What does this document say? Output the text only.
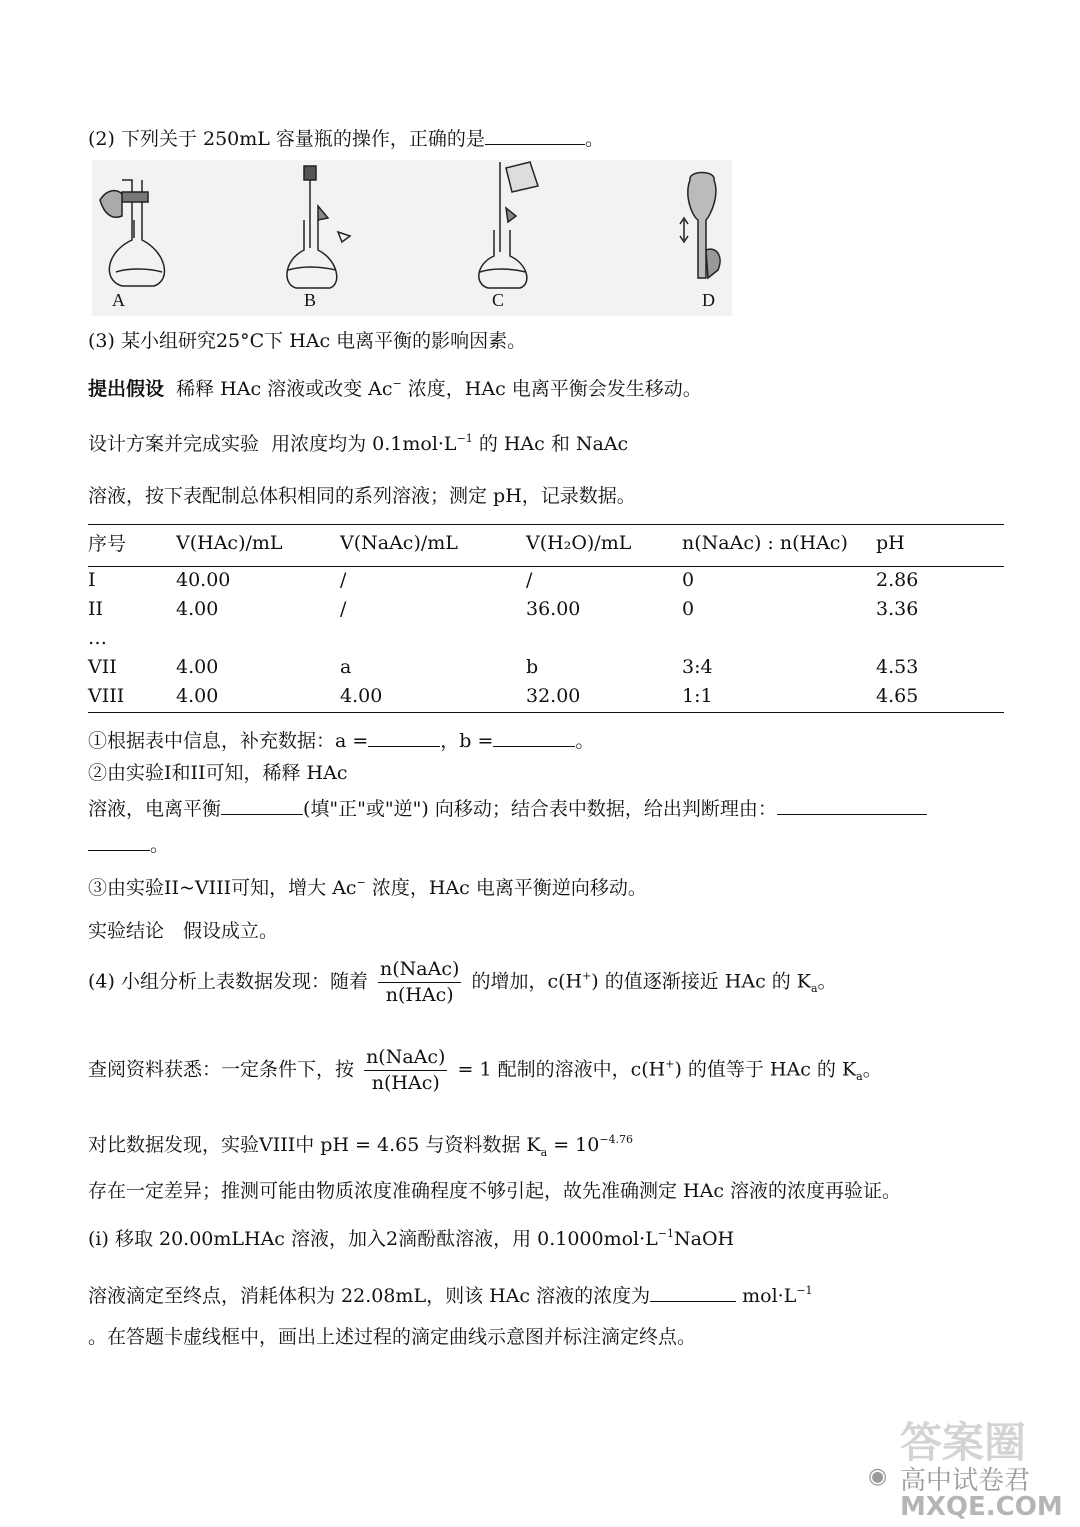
(2) 下列关于 250mL 容量瓶的操作，正确的是	。
A	B	C	D
(3) 某小组研究25°C下 HAc 电离平衡的影响因素。
提出假设 稀释 HAc 溶液或改变 Ac− 浓度，HAc 电离平衡会发生移动。
设计方案并完成实验 用浓度均为 $0.1mol\cdot L^{-1}$ 的 HAc 和 NaAc
溶液，按下表配制总体积相同的系列溶液；测定 pH，记录数据。
序号	V(HAc)/mL	V(NaAc)/mL	V(H₂O)/mL	n(NaAc) : n(HAc)	pH
I	40.00	/	/	0	2.86
II	4.00	/	36.00	0	3.36
…					
VII	4.00	a	b	3:4	4.53
VIII	4.00	4.00	32.00	1:1	4.65
①根据表中信息，补充数据：a =	，b =	。
②由实验I和II可知，稀释 HAc
溶液，电离平衡	(填"正"或"逆") 向移动；结合表中数据，给出判断理由：
。
③由实验II~VIII可知，增大 Ac− 浓度，HAc 电离平衡逆向移动。
实验结论　假设成立。
(4) 小组分析上表数据发现：随着 $\frac{\text{n(NaAc)}}{\text{n(HAc)}}$ 的增加，c(H+) 的值逐渐接近 HAc 的 $K_a$。
查阅资料获悉：一定条件下，按 $\frac{\text{n(NaAc)}}{\text{n(HAc)}} = 1$ 配制的溶液中，c(H+) 的值等于 HAc 的 $K_a$。
对比数据发现，实验VIII中 pH = 4.65 与资料数据 $K_a = 10^{-4.76}$
存在一定差异；推测可能由物质浓度准确程度不够引起，故先准确测定 HAc 溶液的浓度再验证。
(i) 移取 20.00mLHAc 溶液，加入2滴酚酞溶液，用 $0.1000mol\cdot L^{-1}NaOH$
溶液滴定至终点，消耗体积为 22.08mL，则该 HAc 溶液的浓度为	$mol\cdot L^{-1}$
。在答题卡虚线框中，画出上述过程的滴定曲线示意图并标注滴定终点。
答案圈
高中试卷君
MXQE.COM
◉
